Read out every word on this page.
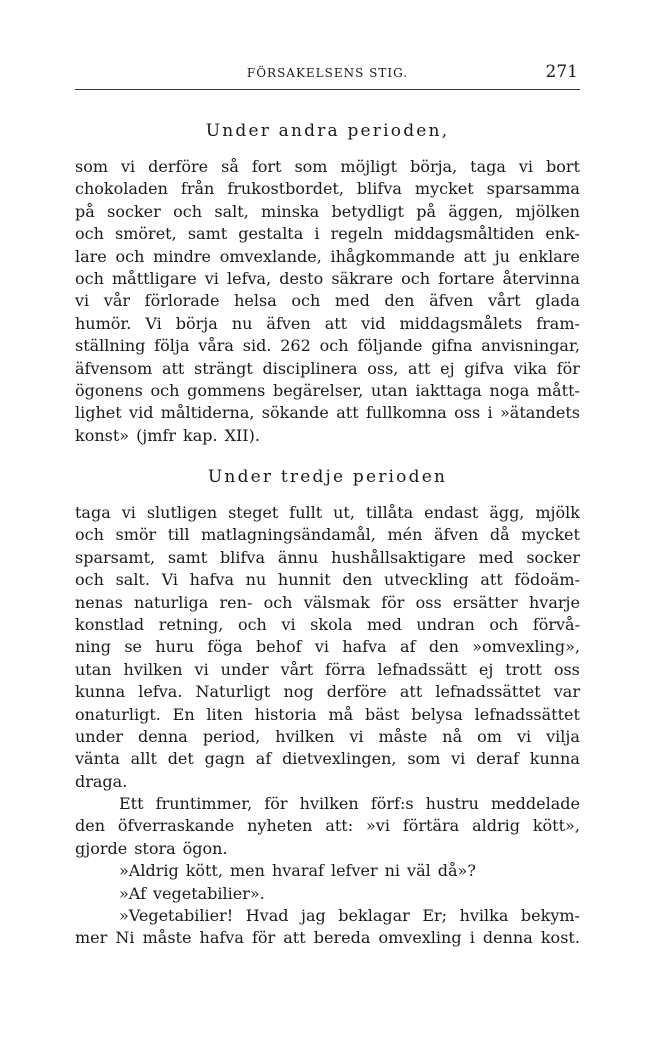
FÖRSAKELSENS STIG.	271
Under andra perioden,
som vi derföre så fort som möjligt börja, taga vi bort
chokoladen från frukostbordet, blifva mycket sparsamma
på socker och salt, minska betydligt på äggen, mjölken
och smöret, samt gestalta i regeln middagsmåltiden enk-
lare och mindre omvexlande, ihågkommande att ju enklare
och måttligare vi lefva, desto säkrare och fortare återvinna
vi vår förlorade helsa och med den äfven vårt glada
humör. Vi börja nu äfven att vid middagsmålets fram-
ställning följa våra sid. 262 och följande gifna anvisningar,
äfvensom att strängt disciplinera oss, att ej gifva vika för
ögonens och gommens begärelser, utan iakttaga noga mått-
lighet vid måltiderna, sökande att fullkomna oss i »ätandets
konst» (jmfr kap. XII).
Under tredje perioden
taga vi slutligen steget fullt ut, tillåta endast ägg, mjölk
och smör till matlagningsändamål, mén äfven då mycket
sparsamt, samt blifva ännu hushållsaktigare med socker
och salt. Vi hafva nu hunnit den utveckling att födoäm-
nenas naturliga ren- och välsmak för oss ersätter hvarje
konstlad retning, och vi skola med undran och förvå-
ning se huru föga behof vi hafva af den »omvexling»,
utan hvilken vi under vårt förra lefnadssätt ej trott oss
kunna lefva. Naturligt nog derföre att lefnadssättet var
onaturligt. En liten historia må bäst belysa lefnadssättet
under denna period, hvilken vi måste nå om vi vilja
vänta allt det gagn af dietvexlingen, som vi deraf kunna
draga.
Ett fruntimmer, för hvilken förf:s hustru meddelade
den öfverraskande nyheten att: »vi förtära aldrig kött»,
gjorde stora ögon.
»Aldrig kött, men hvaraf lefver ni väl då»?
»Af vegetabilier».
»Vegetabilier! Hvad jag beklagar Er; hvilka bekym-
mer Ni måste hafva för att bereda omvexling i denna kost.
